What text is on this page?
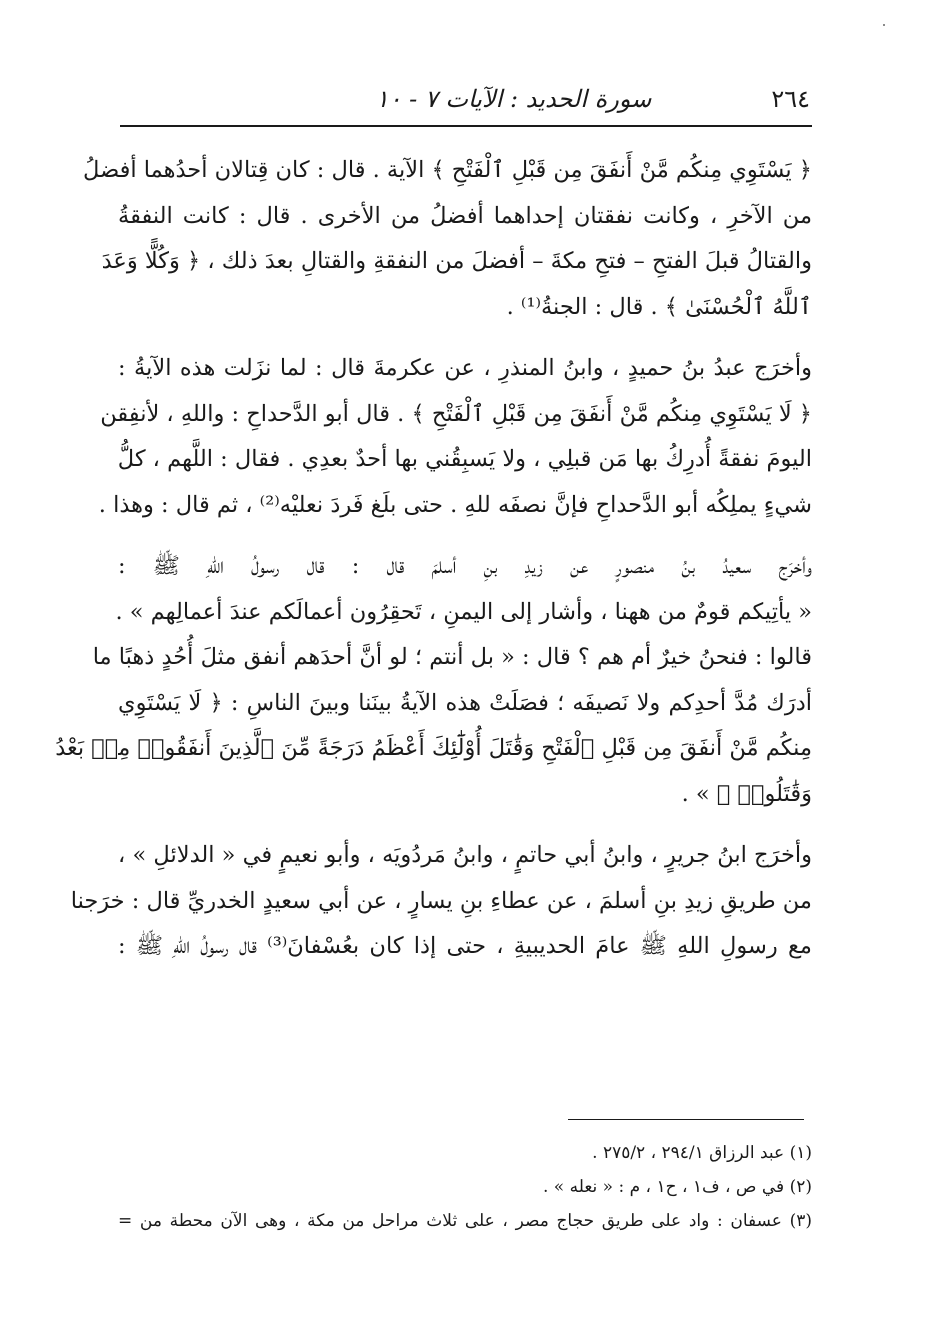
٢٦٤
سورة الحديد : الآيات ٧ - ١٠

﴿ يَسْتَوِي مِنكُم مَّنْ أَنفَقَ مِن قَبْلِ ٱلْفَتْحِ ﴾ الآية . قال : كان قِتالان أحدُهما أفضلُ
من الآخرِ ، وكانت نفقتان إحداهما أفضلُ من الأخرى . قال : كانت النفقةُ
والقتالُ قبلَ الفتحِ – فتحِ مكةَ – أفضلَ من النفقةِ والقتالِ بعدَ ذلك ، ﴿ وَكُلًّا وَعَدَ
ٱللَّهُ ٱلْحُسْنَىٰ ﴾ . قال : الجنةُ⁽¹⁾ .

وأخرَج عبدُ بنُ حميدٍ ، وابنُ المنذرِ ، عن عكرمةَ قال : لما نزَلت هذه الآيةُ :
﴿ لَا يَسْتَوِي مِنكُم مَّنْ أَنفَقَ مِن قَبْلِ ٱلْفَتْحِ ﴾ . قال أبو الدَّحداحِ : واللهِ ، لأنفِقن
اليومَ نفقةً أُدرِكُ بها مَن قبلِي ، ولا يَسبِقُني بها أحدٌ بعدِي . فقال : اللَّهم ، كلُّ
شيءٍ يملِكُه أبو الدَّحداحِ فإنَّ نصفَه للهِ . حتى بلَغ فَردَ نعليْه⁽²⁾ ، ثم قال : وهذا .

وأخرَج سعيدُ بنُ منصورٍ عن زيدِ بنِ أسلمَ قال : قال رسولُ اللهِ ﷺ :
« يأتِيكم قومٌ من ههنا ، وأشار إلى اليمنِ ، تَحقِرُون أعمالَكم عندَ أعمالِهم » .
قالوا : فنحنُ خيرٌ أم هم ؟ قال : « بل أنتم ؛ لو أنَّ أحدَهم أنفق مثلَ أُحُدٍ ذهبًا ما
أدرَك مُدَّ أحدِكم ولا نَصيفَه ؛ فصَلَتْ هذه الآيةُ بينَنا وبينَ الناسِ : ﴿ لَا يَسْتَوِي
مِنكُم مَّنْ أَنفَقَ مِن قَبْلِ ٱلْفَتْحِ وَقَٰتَلَ أُوْلَٰٓئِكَ أَعْظَمُ دَرَجَةً مِّنَ ٱلَّذِينَ أَنفَقُوا۟ مِنۢ بَعْدُ
وَقَٰتَلُوا۟ ﴾ » .

وأخرَج ابنُ جريرٍ ، وابنُ أبي حاتمٍ ، وابنُ مَردُويَه ، وأبو نعيمٍ في « الدلائلِ » ،
من طريقِ زيدِ بنِ أسلمَ ، عن عطاءِ بنِ يسارٍ ، عن أبي سعيدٍ الخدريِّ قال : خرَجنا
مع رسولِ اللهِ ﷺ عامَ الحديبيةِ ، حتى إذا كان بعُسْفانَ⁽³⁾ قال رسولُ اللهِ ﷺ :

(١) عبد الرزاق ٢٩٤/١ ، ٢٧٥/٢ .
(٢) في ص ، ف١ ، ح١ ، م : « نعله » .
(٣) عسفان : واد على طريق حجاج مصر ، على ثلاث مراحل من مكة ، وهى الآن محطة من =
